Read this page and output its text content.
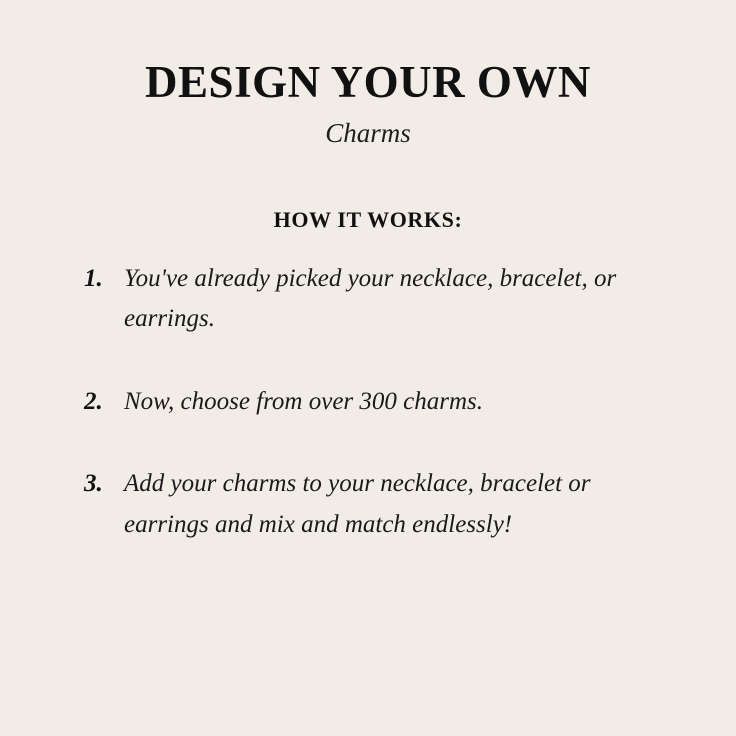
DESIGN YOUR OWN
Charms
HOW IT WORKS:
1. You've already picked your necklace, bracelet, or earrings.
2. Now, choose from over 300 charms.
3. Add your charms to your necklace, bracelet or earrings and mix and match endlessly!
